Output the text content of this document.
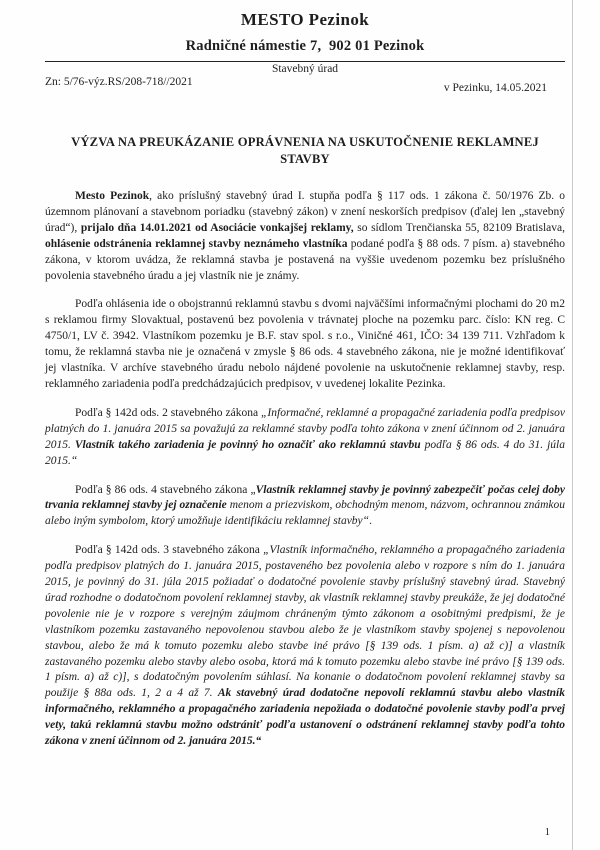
MESTO Pezinok
Radničné námestie 7,  902 01 Pezinok
Stavebný úrad
Zn: 5/76-výz.RS/208-718//2021	v Pezinku, 14.05.2021
VÝZVA NA PREUKÁZANIE OPRÁVNENIA NA USKUTOČNENIE REKLAMNEJ STAVBY

Mesto Pezinok, ako príslušný stavebný úrad I. stupňa podľa § 117 ods. 1 zákona č. 50/1976 Zb. o územnom plánovaní a stavebnom poriadku (stavebný zákon) v znení neskorších predpisov (ďalej len „stavebný úrad“), prijalo dňa 14.01.2021 od Asociácie vonkajšej reklamy, so sídlom Trenčianska 55, 82109 Bratislava, ohlásenie odstránenia reklamnej stavby neznámeho vlastníka podané podľa § 88 ods. 7 písm. a) stavebného zákona, v ktorom uvádza, že reklamná stavba je postavená na vyššie uvedenom pozemku bez príslušného povolenia stavebného úradu a jej vlastník nie je známy.

Podľa ohlásenia ide o obojstrannú reklamnú stavbu s dvomi najväčšími informačnými plochami do 20 m2 s reklamou firmy Slovaktual, postavenú bez povolenia v trávnatej ploche na pozemku parc. číslo: KN reg. C 4750/1, LV č. 3942. Vlastníkom pozemku je B.F. stav spol. s r.o., Viničné 461, IČO: 34 139 711. Vzhľadom k tomu, že reklamná stavba nie je označená v zmysle § 86 ods. 4 stavebného zákona, nie je možné identifikovať jej vlastníka. V archíve stavebného úradu nebolo nájdené povolenie na uskutočnenie reklamnej stavby, resp. reklamného zariadenia podľa predchádzajúcich predpisov, v uvedenej lokalite Pezinka.

Podľa § 142d ods. 2 stavebného zákona „Informačné, reklamné a propagačné zariadenia podľa predpisov platných do 1. januára 2015 sa považujú za reklamné stavby podľa tohto zákona v znení účinnom od 2. januára 2015. Vlastník takého zariadenia je povinný ho označiť ako reklamnú stavbu podľa § 86 ods. 4 do 31. júla 2015.“

Podľa § 86 ods. 4 stavebného zákona „Vlastník reklamnej stavby je povinný zabezpečiť počas celej doby trvania reklamnej stavby jej označenie menom a priezviskom, obchodným menom, názvom, ochrannou známkou alebo iným symbolom, ktorý umožňuje identifikáciu reklamnej stavby“.

Podľa § 142d ods. 3 stavebného zákona „Vlastník informačného, reklamného a propagačného zariadenia podľa predpisov platných do 1. januára 2015, postaveného bez povolenia alebo v rozpore s ním do 1. januára 2015, je povinný do 31. júla 2015 požiadať o dodatočné povolenie stavby príslušný stavebný úrad. Stavebný úrad rozhodne o dodatočnom povolení reklamnej stavby, ak vlastník reklamnej stavby preukáže, že jej dodatočné povolenie nie je v rozpore s verejným záujmom chráneným týmto zákonom a osobitnými predpismi, že je vlastníkom pozemku zastavaného nepovolenou stavbou alebo že je vlastníkom stavby spojenej s nepovolenou stavbou, alebo že má k tomuto pozemku alebo stavbe iné právo [§ 139 ods. 1 písm. a) až c)] a vlastník zastavaného pozemku alebo stavby alebo osoba, ktorá má k tomuto pozemku alebo stavbe iné právo [§ 139 ods. 1 písm. a) až c)], s dodatočným povolením súhlasí. Na konanie o dodatočnom povolení reklamnej stavby sa použije § 88a ods. 1, 2 a 4 až 7. Ak stavebný úrad dodatočne nepovolí reklamnú stavbu alebo vlastník informačného, reklamného a propagačného zariadenia nepožiada o dodatočné povolenie stavby podľa prvej vety, takú reklamnú stavbu možno odstrániť podľa ustanovení o odstránení reklamnej stavby podľa tohto zákona v znení účinnom od 2. januára 2015.“

1
